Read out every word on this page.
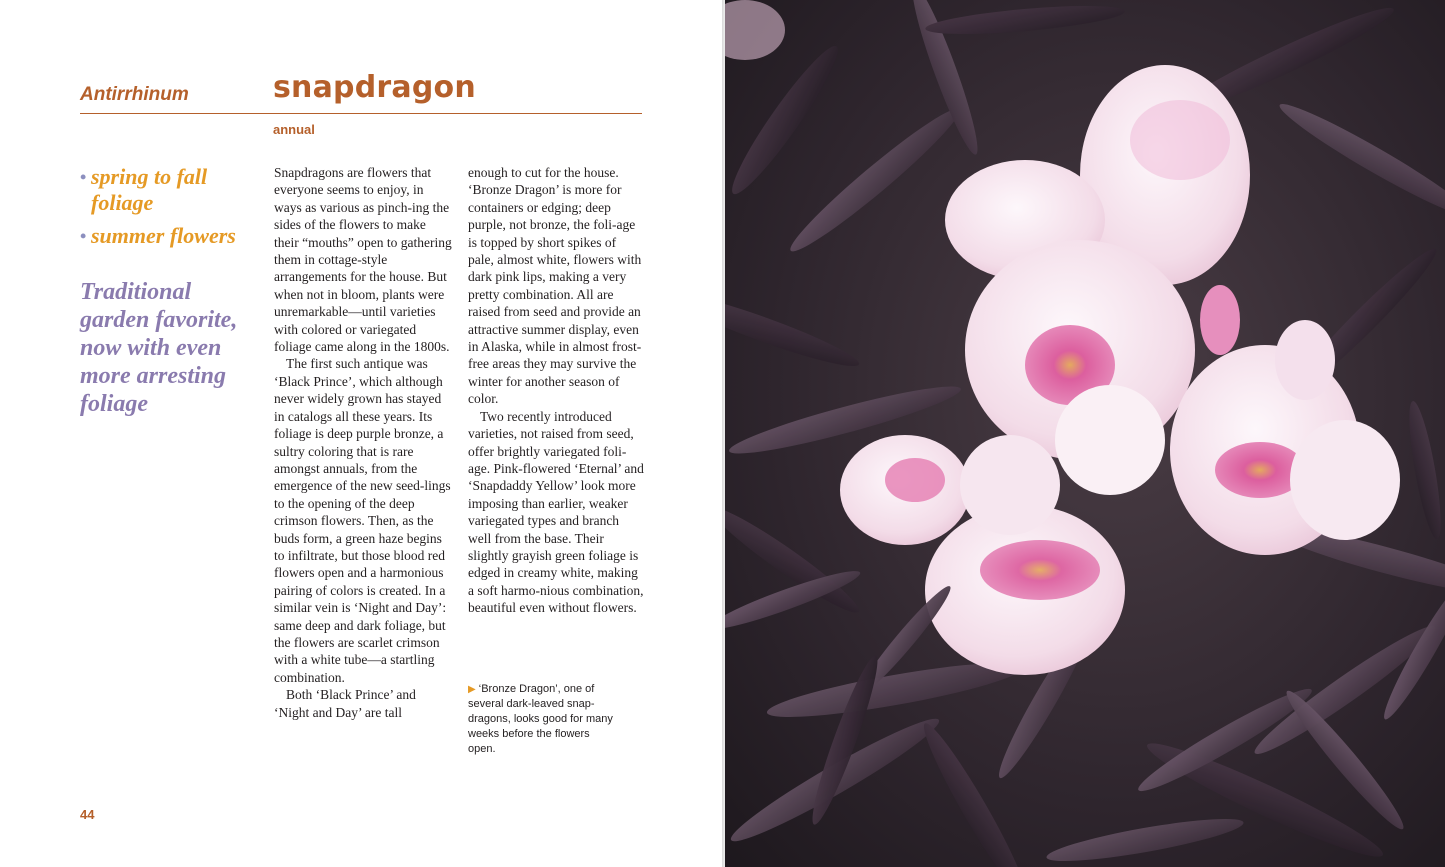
Antirrhinum	snapdragon
annual
• spring to fall foliage
• summer flowers
Traditional garden favorite, now with even more arresting foliage

Snapdragons are flowers that everyone seems to enjoy, in ways as various as pinch-ing the sides of the flowers to make their “mouths” open to gathering them in cottage-style arrangements for the house. But when not in bloom, plants were unremarkable—until varieties with colored or variegated foliage came along in the 1800s.

The first such antique was ‘Black Prince’, which although never widely grown has stayed in catalogs all these years. Its foliage is deep purple bronze, a sultry coloring that is rare amongst annuals, from the emergence of the new seed-lings to the opening of the deep crimson flowers. Then, as the buds form, a green haze begins to infiltrate, but those blood red flowers open and a harmonious pairing of colors is created. In a similar vein is ‘Night and Day’: same deep and dark foliage, but the flowers are scarlet crimson with a white tube—a startling combination.

Both ‘Black Prince’ and ‘Night and Day’ are tall

enough to cut for the house. ‘Bronze Dragon’ is more for containers or edging; deep purple, not bronze, the foli-age is topped by short spikes of pale, almost white, flowers with dark pink lips, making a very pretty combination. All are raised from seed and provide an attractive summer display, even in Alaska, while in almost frost-free areas they may survive the winter for another season of color.

Two recently introduced varieties, not raised from seed, offer brightly variegated foli-age. Pink-flowered ‘Eternal’ and ‘Snapdaddy Yellow’ look more imposing than earlier, weaker variegated types and branch well from the base. Their slightly grayish green foliage is edged in creamy white, making a soft harmo-nious combination, beautiful even without flowers.

▶ ‘Bronze Dragon’, one of several dark-leaved snap-dragons, looks good for many weeks before the flowers open.
44
